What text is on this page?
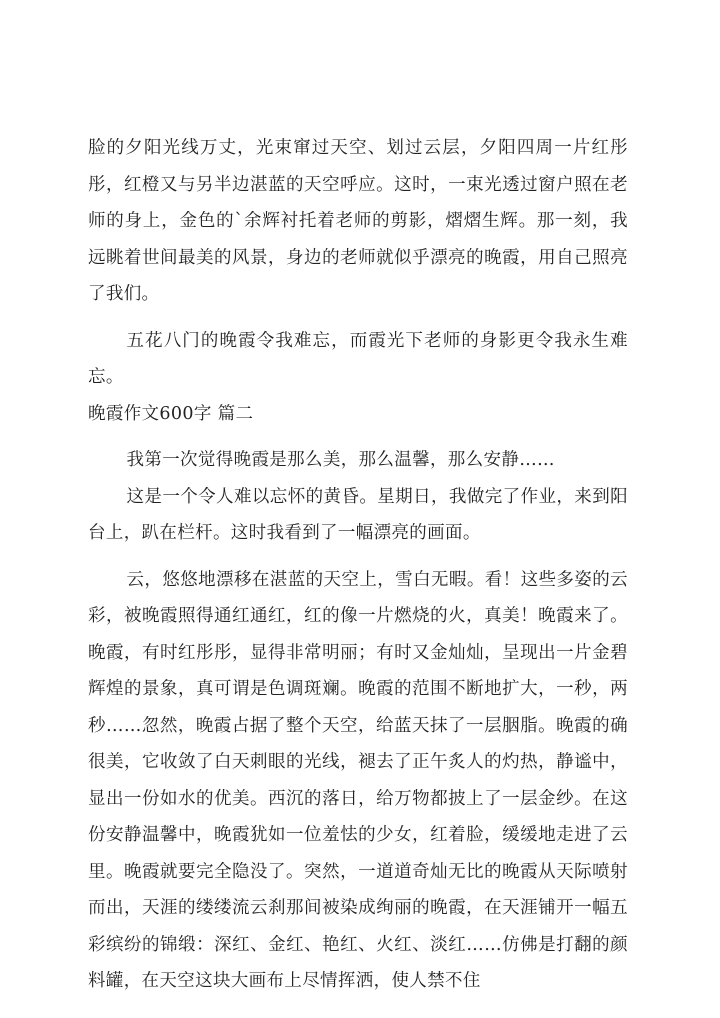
脸的夕阳光线万丈，光束窜过天空、划过云层，夕阳四周一片红彤彤，红橙又与另半边湛蓝的天空呼应。这时，一束光透过窗户照在老师的身上，金色的`余辉衬托着老师的剪影，熠熠生辉。那一刻，我远眺着世间最美的风景，身边的老师就似乎漂亮的晚霞，用自己照亮了我们。

五花八门的晚霞令我难忘，而霞光下老师的身影更令我永生难忘。

晚霞作文600字 篇二

我第一次觉得晚霞是那么美，那么温馨，那么安静……

这是一个令人难以忘怀的黄昏。星期日，我做完了作业，来到阳台上，趴在栏杆。这时我看到了一幅漂亮的画面。

云，悠悠地漂移在湛蓝的天空上，雪白无暇。看！这些多姿的云彩，被晚霞照得通红通红，红的像一片燃烧的火，真美！晚霞来了。晚霞，有时红彤彤，显得非常明丽；有时又金灿灿，呈现出一片金碧辉煌的景象，真可谓是色调斑斓。晚霞的范围不断地扩大，一秒，两秒……忽然，晚霞占据了整个天空，给蓝天抹了一层胭脂。晚霞的确很美，它收敛了白天刺眼的光线，褪去了正午炙人的灼热，静谧中，显出一份如水的优美。西沉的落日，给万物都披上了一层金纱。在这份安静温馨中，晚霞犹如一位羞怯的少女，红着脸，缓缓地走进了云里。晚霞就要完全隐没了。突然，一道道奇灿无比的晚霞从天际喷射而出，天涯的缕缕流云刹那间被染成绚丽的晚霞，在天涯铺开一幅五彩缤纷的锦缎：深红、金红、艳红、火红、淡红……仿佛是打翻的颜料罐，在天空这块大画布上尽情挥洒，使人禁不住
